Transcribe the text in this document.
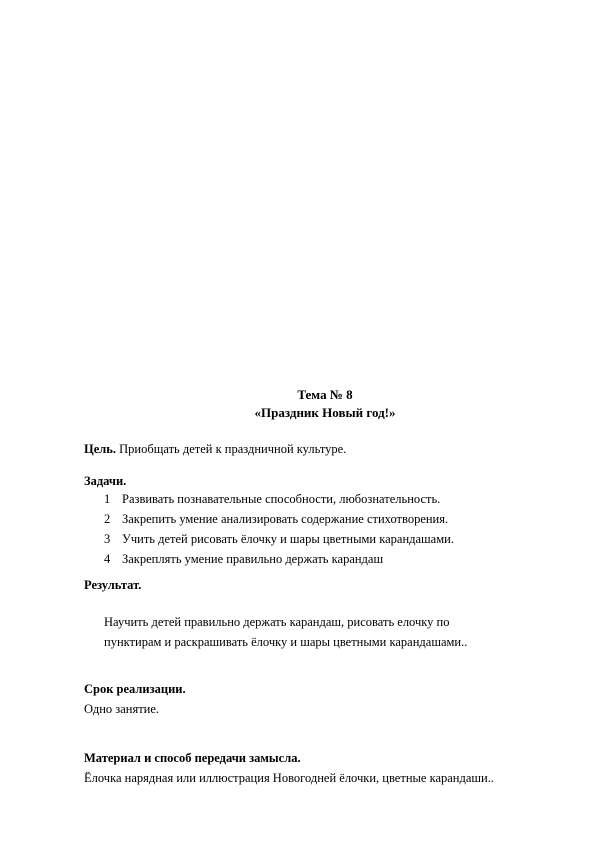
Тема № 8
«Праздник Новый год!»
Цель. Приобщать детей к праздничной культуре.
Задачи.
1 Развивать познавательные способности, любознательность.
2 Закрепить умение анализировать содержание стихотворения.
3 Учить детей рисовать ёлочку и шары цветными карандашами.
4 Закреплять умение правильно держать карандаш
Результат.
Научить детей правильно держать карандаш, рисовать елочку по
пунктирам и раскрашивать ёлочку и шары цветными карандашами..
Срок реализации.
Одно занятие.
Материал и способ передачи замысла.
Ёлочка нарядная или иллюстрация Новогодней ёлочки, цветные карандаши..
